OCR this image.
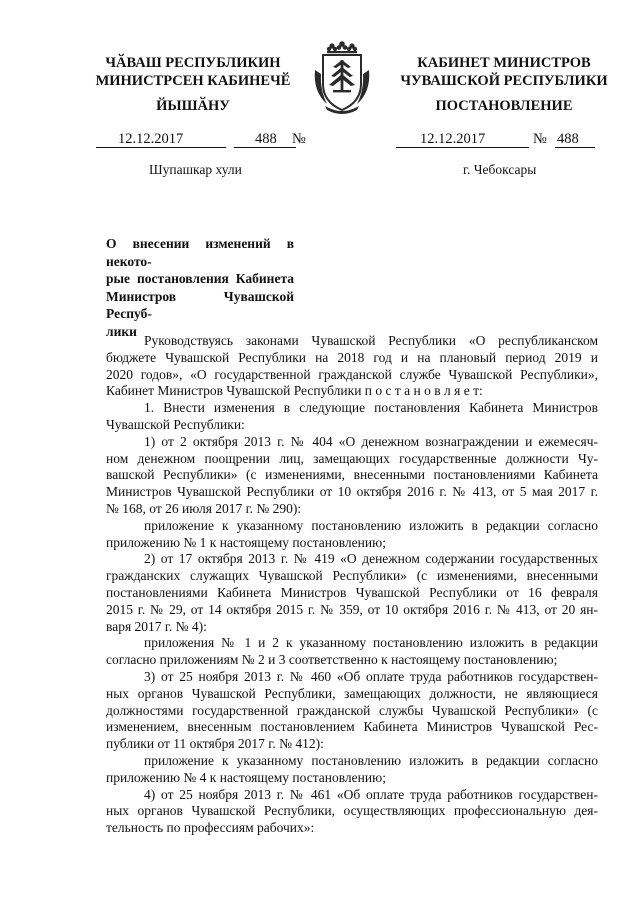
ЧӐВАШ РЕСПУБЛИКИН
МИНИСТРСЕН КАБИНЕЧӖ
ЙЫШӐНУ
КАБИНЕТ МИНИСТРОВ
ЧУВАШСКОЙ РЕСПУБЛИКИ
ПОСТАНОВЛЕНИЕ
12.12.2017	488 №	12.12.2017	№ 488
Шупашкар хули	г. Чебоксары
О внесении изменений в некото-
рые постановления Кабинета
Министров Чувашской Респуб-
лики
Руководствуясь законами Чувашской Республики «О республиканском
бюджете Чувашской Республики на 2018 год и на плановый период 2019 и
2020 годов», «О государственной гражданской службе Чувашской Республики»,
Кабинет Министров Чувашской Республики п о с т а н о в л я е т:
1. Внести изменения в следующие постановления Кабинета Министров
Чувашской Республики:
1) от 2 октября 2013 г. № 404 «О денежном вознаграждении и ежемесяч-
ном денежном поощрении лиц, замещающих государственные должности Чу-
вашской Республики» (с изменениями, внесенными постановлениями Кабинета
Министров Чувашской Республики от 10 октября 2016 г. № 413, от 5 мая 2017 г.
№ 168, от 26 июля 2017 г. № 290):
приложение к указанному постановлению изложить в редакции согласно
приложению № 1 к настоящему постановлению;
2) от 17 октября 2013 г. № 419 «О денежном содержании государственных
гражданских служащих Чувашской Республики» (с изменениями, внесенными
постановлениями Кабинета Министров Чувашской Республики от 16 февраля
2015 г. № 29, от 14 октября 2015 г. № 359, от 10 октября 2016 г. № 413, от 20 ян-
варя 2017 г. № 4):
приложения № 1 и 2 к указанному постановлению изложить в редакции
согласно приложениям № 2 и 3 соответственно к настоящему постановлению;
3) от 25 ноября 2013 г. № 460 «Об оплате труда работников государствен-
ных органов Чувашской Республики, замещающих должности, не являющиеся
должностями государственной гражданской службы Чувашской Республики» (с
изменением, внесенным постановлением Кабинета Министров Чувашской Рес-
публики от 11 октября 2017 г. № 412):
приложение к указанному постановлению изложить в редакции согласно
приложению № 4 к настоящему постановлению;
4) от 25 ноября 2013 г. № 461 «Об оплате труда работников государствен-
ных органов Чувашской Республики, осуществляющих профессиональную дея-
тельность по профессиям рабочих»:
